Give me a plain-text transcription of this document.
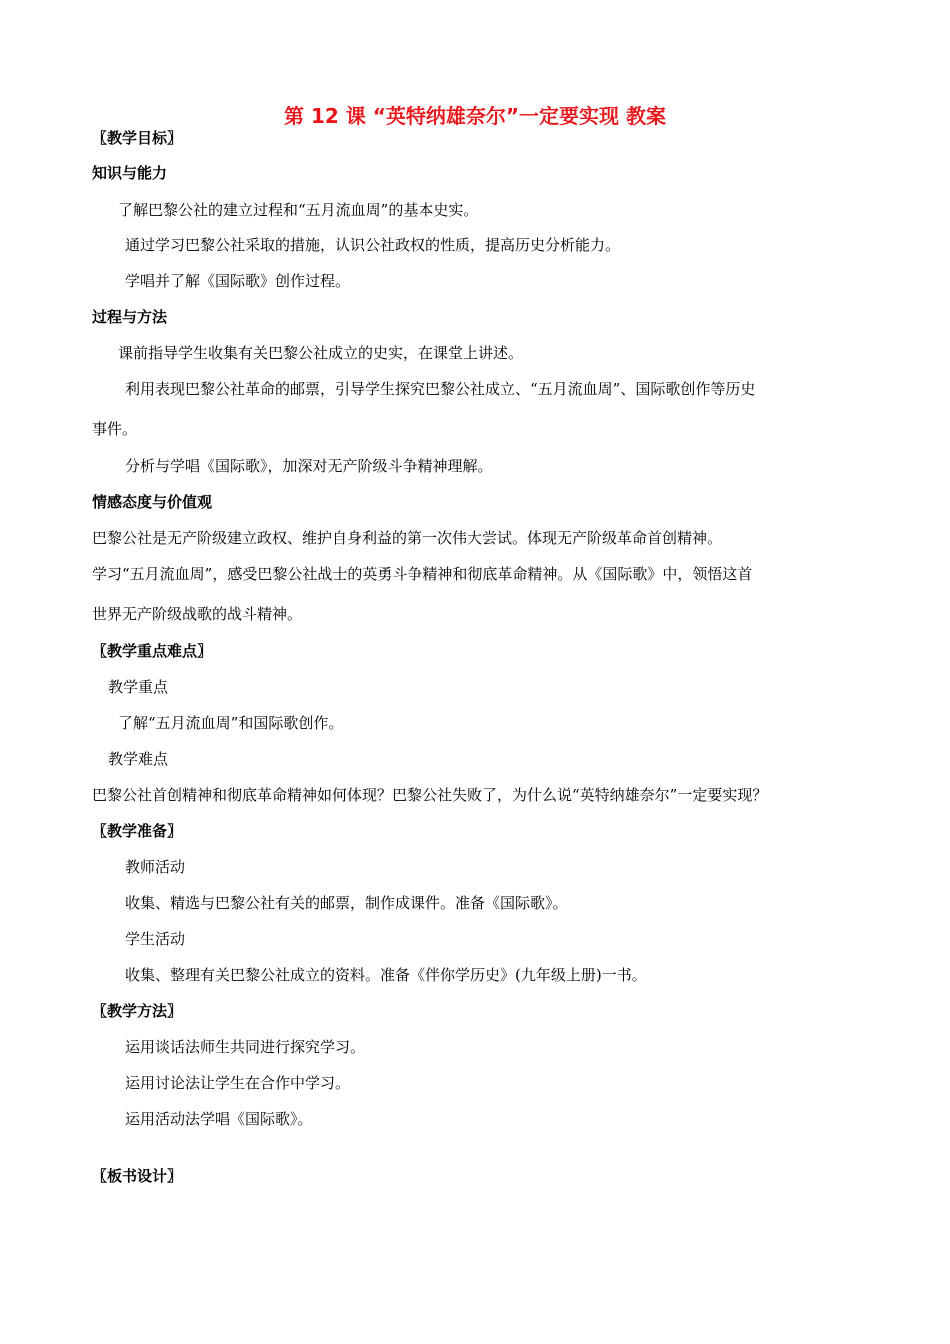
第 12 课 “英特纳雄奈尔”一定要实现 教案
〖教学目标〗
知识与能力
了解巴黎公社的建立过程和“五月流血周”的基本史实。
通过学习巴黎公社采取的措施，认识公社政权的性质，提高历史分析能力。
学唱并了解《国际歌》创作过程。
过程与方法
课前指导学生收集有关巴黎公社成立的史实，在课堂上讲述。
利用表现巴黎公社革命的邮票，引导学生探究巴黎公社成立、“五月流血周”、国际歌创作等历史
事件。
分析与学唱《国际歌》，加深对无产阶级斗争精神理解。
情感态度与价值观
巴黎公社是无产阶级建立政权、维护自身利益的第一次伟大尝试。体现无产阶级革命首创精神。
学习“五月流血周”，感受巴黎公社战士的英勇斗争精神和彻底革命精神。从《国际歌》中，领悟这首
世界无产阶级战歌的战斗精神。
〖教学重点难点〗
教学重点
了解“五月流血周”和国际歌创作。
教学难点
巴黎公社首创精神和彻底革命精神如何体现？巴黎公社失败了，为什么说“英特纳雄奈尔”一定要实现？
〖教学准备〗
教师活动
收集、精选与巴黎公社有关的邮票，制作成课件。准备《国际歌》。
学生活动
收集、整理有关巴黎公社成立的资料。准备《伴你学历史》(九年级上册)一书。
〖教学方法〗
运用谈话法师生共同进行探究学习。
运用讨论法让学生在合作中学习。
运用活动法学唱《国际歌》。
〖板书设计〗
